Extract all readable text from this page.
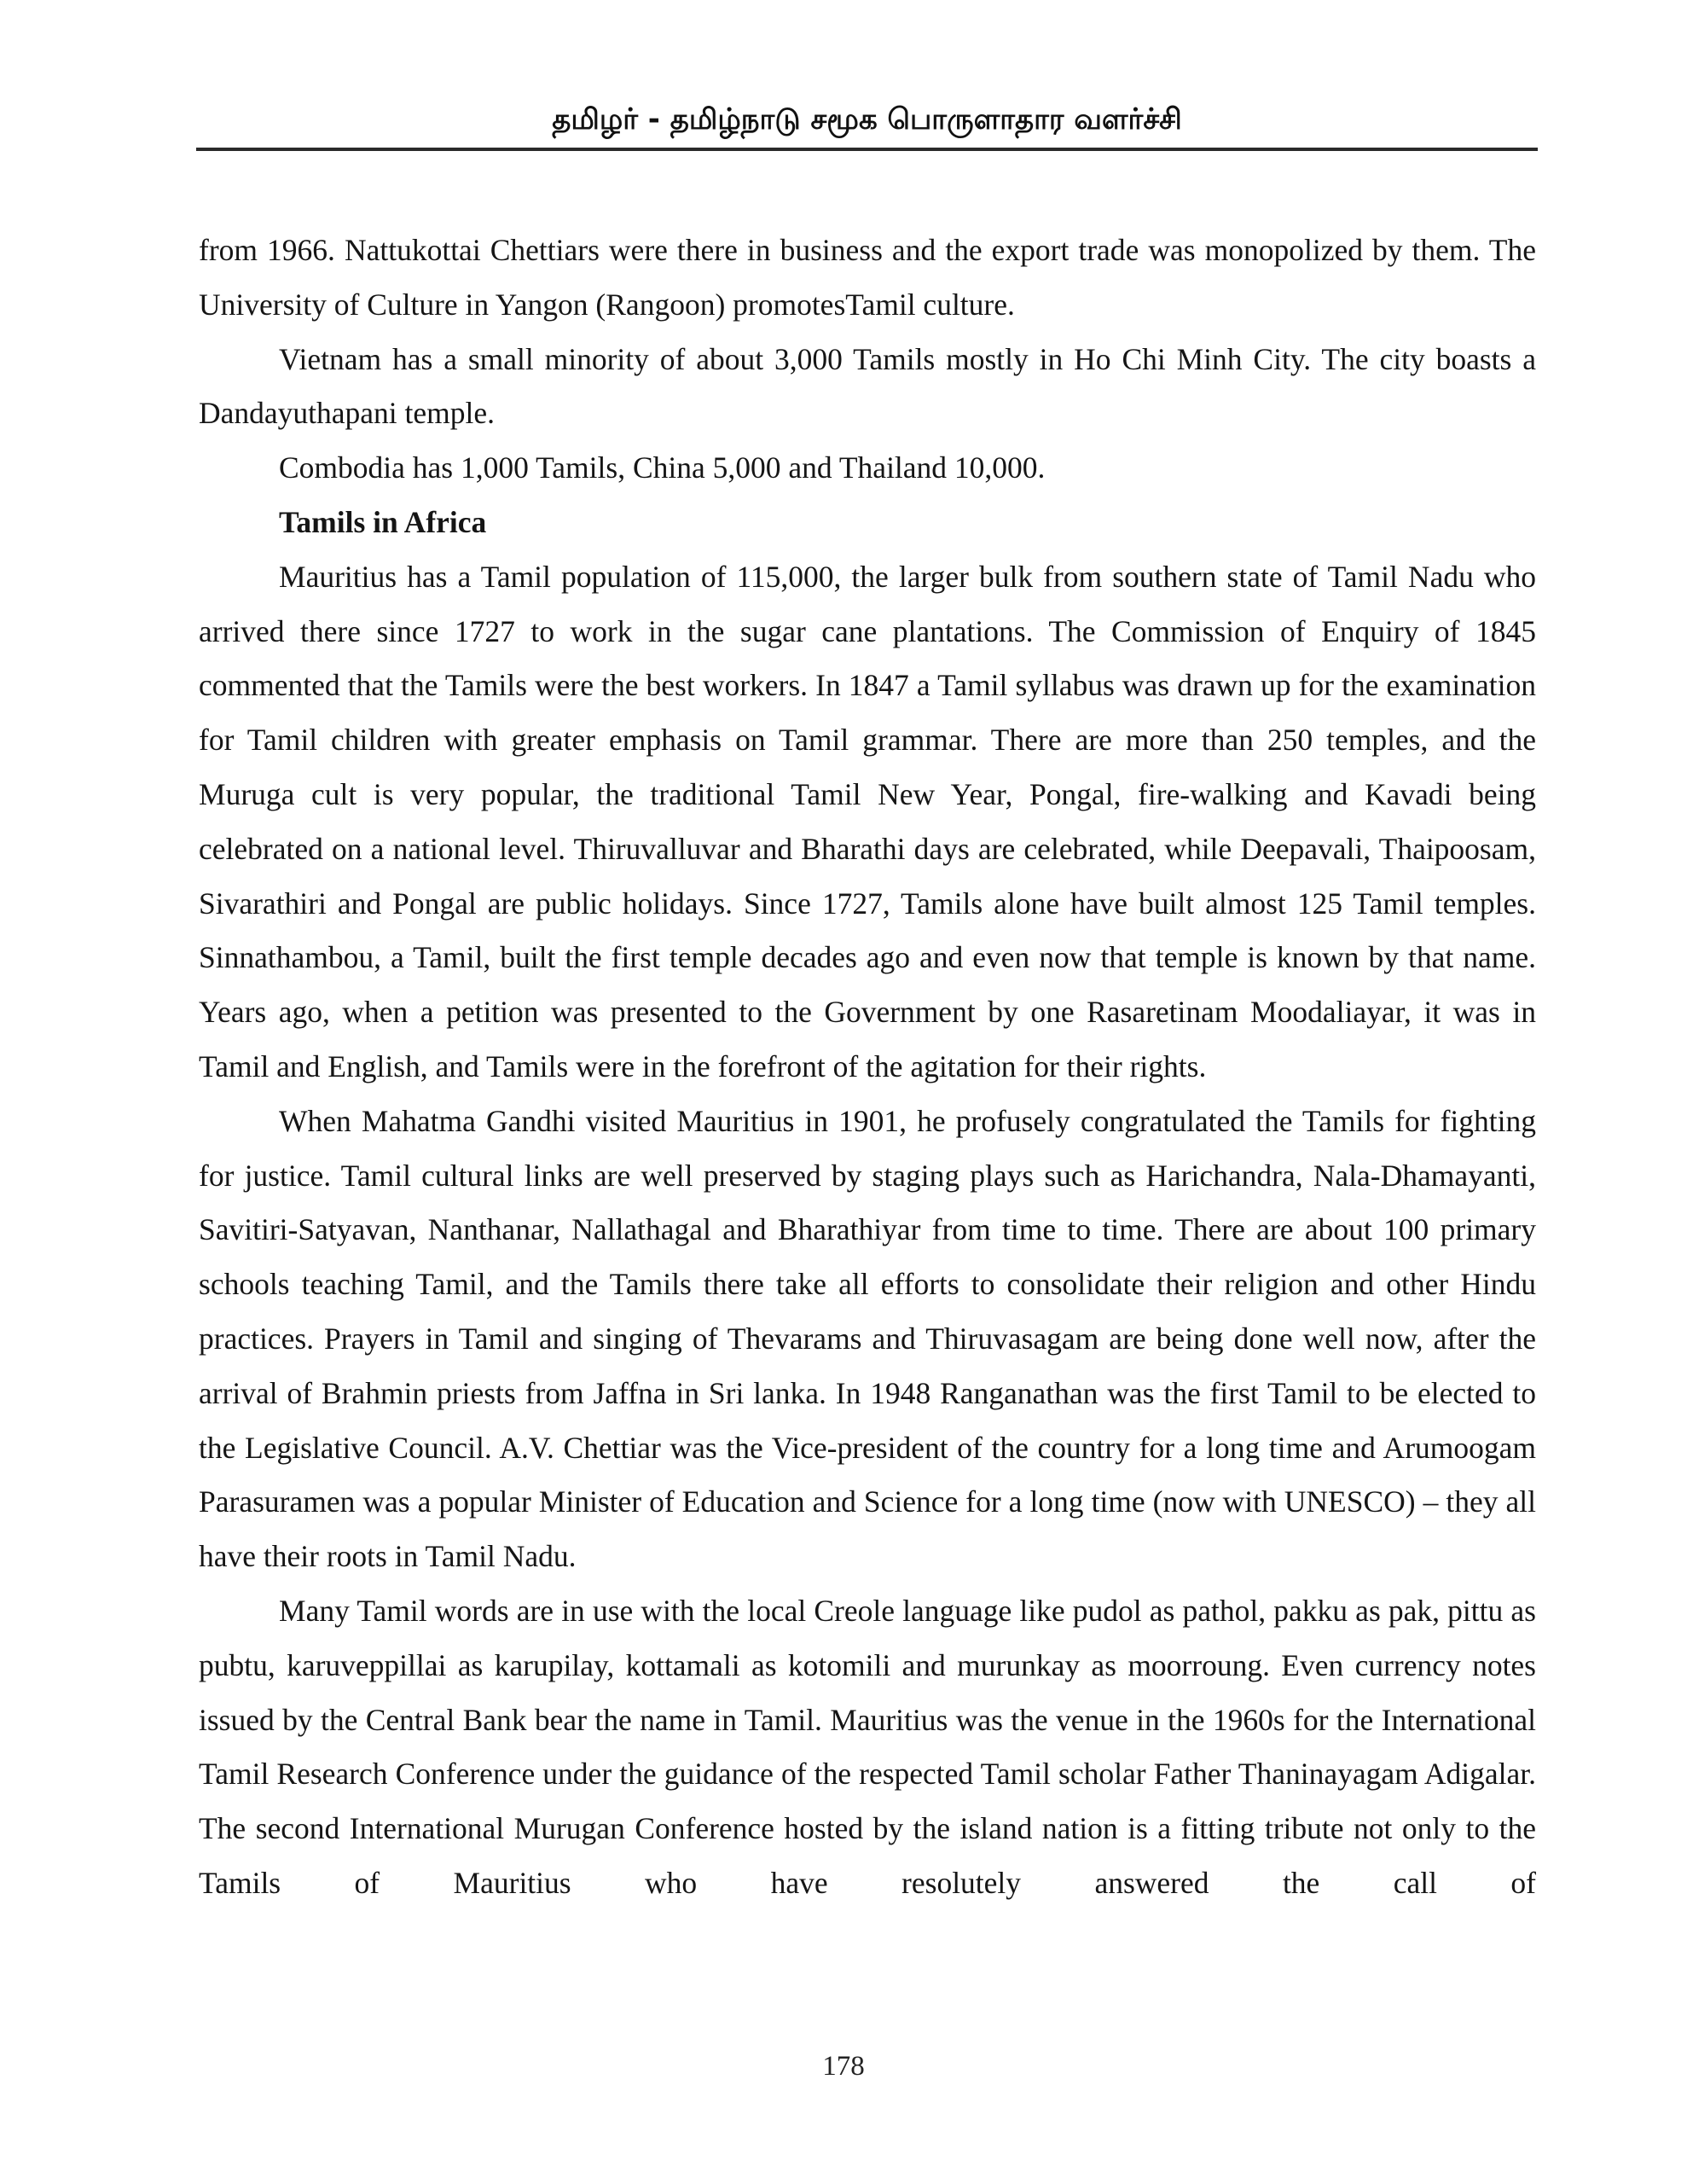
தமிழர் - தமிழ்நாடு சமூக பொருளாதார வளர்ச்சி

from 1966. Nattukottai Chettiars were there in business and the export trade was monopolized by them. The University of Culture in Yangon (Rangoon) promotesTamil culture.

Vietnam has a small minority of about 3,000 Tamils mostly in Ho Chi Minh City. The city boasts a Dandayuthapani temple.

Combodia has 1,000 Tamils, China 5,000 and Thailand 10,000.

Tamils in Africa

Mauritius has a Tamil population of 115,000, the larger bulk from southern state of Tamil Nadu who arrived there since 1727 to work in the sugar cane plantations. The Commission of Enquiry of 1845 commented that the Tamils were the best workers. In 1847 a Tamil syllabus was drawn up for the examination for Tamil children with greater emphasis on Tamil grammar. There are more than 250 temples, and the Muruga cult is very popular, the traditional Tamil New Year, Pongal, fire-walking and Kavadi being celebrated on a national level. Thiruvalluvar and Bharathi days are celebrated, while Deepavali, Thaipoosam, Sivarathiri and Pongal are public holidays. Since 1727, Tamils alone have built almost 125 Tamil temples. Sinnathambou, a Tamil, built the first temple decades ago and even now that temple is known by that name. Years ago, when a petition was presented to the Government by one Rasaretinam Moodaliayar, it was in Tamil and English, and Tamils were in the forefront of the agitation for their rights.

When Mahatma Gandhi visited Mauritius in 1901, he profusely congratulated the Tamils for fighting for justice. Tamil cultural links are well preserved by staging plays such as Harichandra, Nala-Dhamayanti, Savitiri-Satyavan, Nanthanar, Nallathagal and Bharathiyar from time to time. There are about 100 primary schools teaching Tamil, and the Tamils there take all efforts to consolidate their religion and other Hindu practices. Prayers in Tamil and singing of Thevarams and Thiruvasagam are being done well now, after the arrival of Brahmin priests from Jaffna in Sri lanka. In 1948 Ranganathan was the first Tamil to be elected to the Legislative Council. A.V. Chettiar was the Vice-president of the country for a long time and Arumoogam Parasuramen was a popular Minister of Education and Science for a long time (now with UNESCO) – they all have their roots in Tamil Nadu.

Many Tamil words are in use with the local Creole language like pudol as pathol, pakku as pak, pittu as pubtu, karuveppillai as karupilay, kottamali as kotomili and murunkay as moorroung. Even currency notes issued by the Central Bank bear the name in Tamil. Mauritius was the venue in the 1960s for the International Tamil Research Conference under the guidance of the respected Tamil scholar Father Thaninayagam Adigalar. The second International Murugan Conference hosted by the island nation is a fitting tribute not only to the Tamils of Mauritius who have resolutely answered the call of

178
